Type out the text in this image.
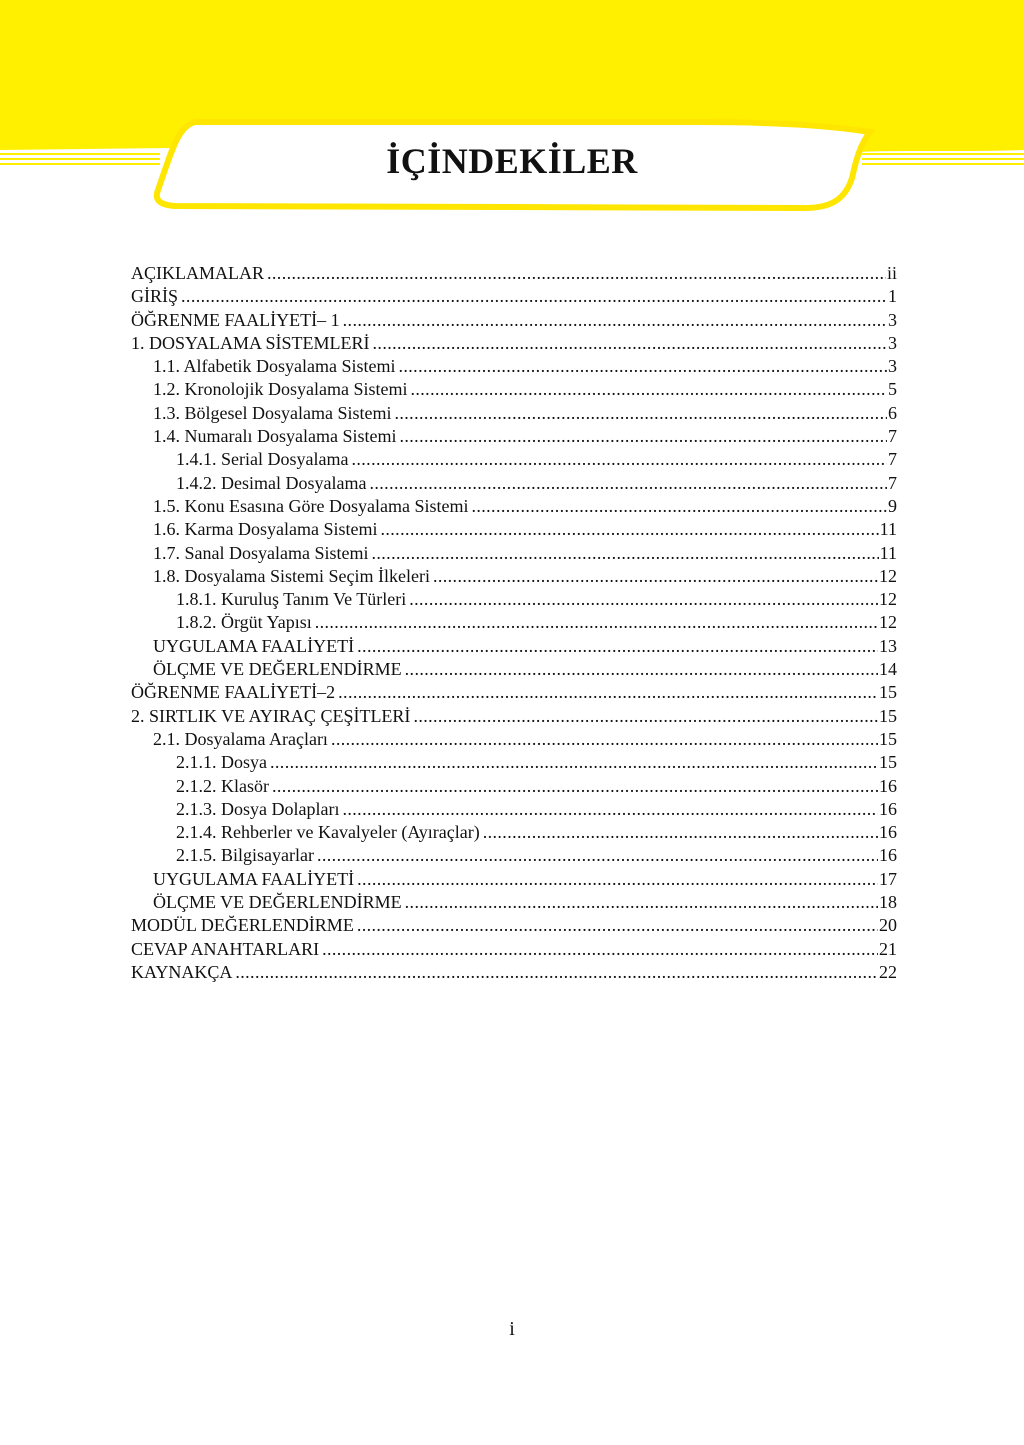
İÇİNDEKİLER
AÇIKLAMALAR .....	ii
GİRİŞ .....	1
ÖĞRENME FAALİYETİ– 1 .....	3
1. DOSYALAMA SİSTEMLERİ .....	3
1.1. Alfabetik Dosyalama Sistemi .....	3
1.2. Kronolojik Dosyalama Sistemi .....	5
1.3. Bölgesel Dosyalama Sistemi .....	6
1.4. Numaralı Dosyalama Sistemi .....	7
1.4.1. Serial Dosyalama .....	7
1.4.2. Desimal Dosyalama .....	7
1.5. Konu Esasına Göre Dosyalama Sistemi .....	9
1.6. Karma Dosyalama Sistemi .....	11
1.7. Sanal Dosyalama Sistemi .....	11
1.8. Dosyalama Sistemi Seçim İlkeleri .....	12
1.8.1. Kuruluş Tanım Ve Türleri .....	12
1.8.2. Örgüt Yapısı .....	12
UYGULAMA FAALİYETİ .....	13
ÖLÇME VE DEĞERLENDİRME .....	14
ÖĞRENME FAALİYETİ–2 .....	15
2. SIRTLIK VE AYIRAÇ ÇEŞİTLERİ .....	15
2.1. Dosyalama Araçları .....	15
2.1.1. Dosya .....	15
2.1.2. Klasör .....	16
2.1.3. Dosya Dolapları .....	16
2.1.4. Rehberler ve Kavalyeler (Ayıraçlar) .....	16
2.1.5. Bilgisayarlar .....	16
UYGULAMA FAALİYETİ .....	17
ÖLÇME VE DEĞERLENDİRME .....	18
MODÜL DEĞERLENDİRME .....	20
CEVAP ANAHTARLARI .....	21
KAYNAKÇA .....	22
i
